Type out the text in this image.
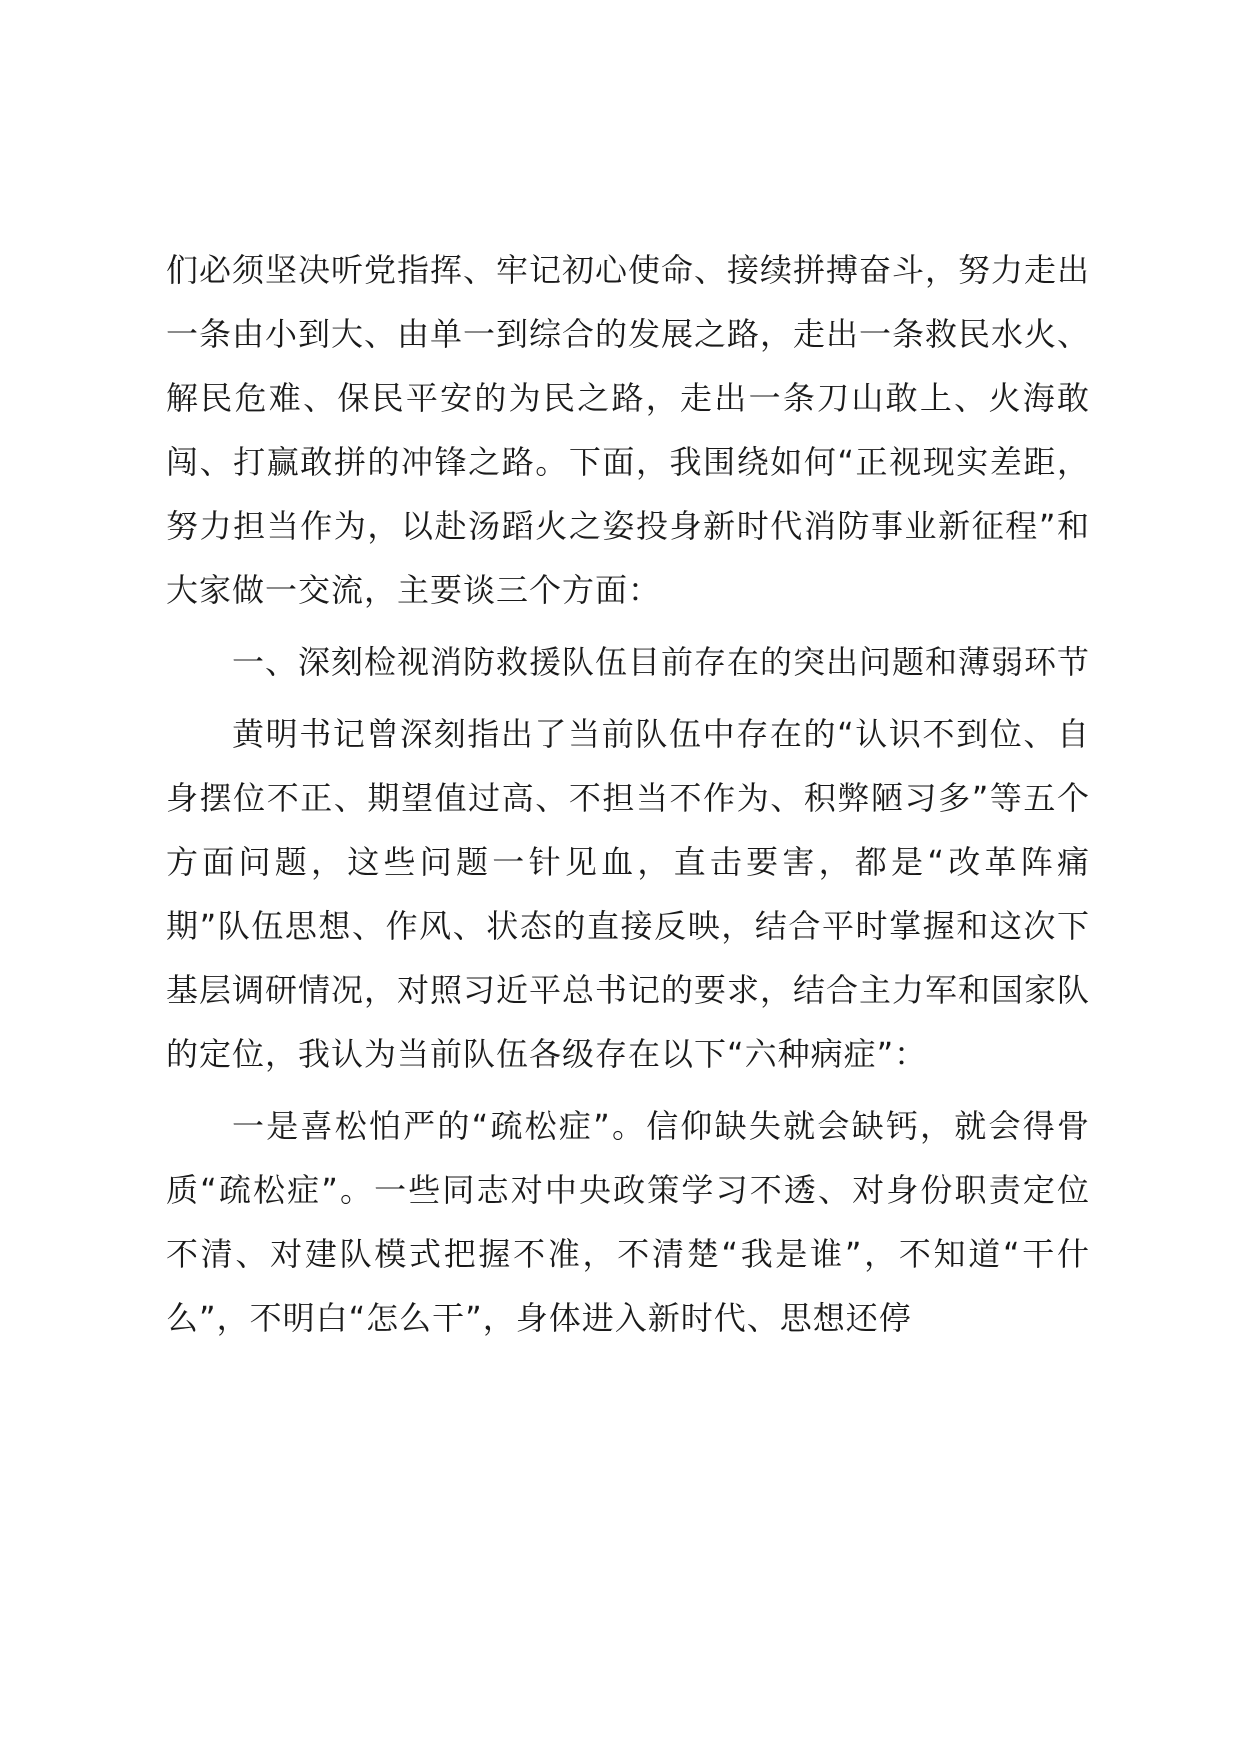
们必须坚决听党指挥、牢记初心使命、接续拼搏奋斗，努力走出一条由小到大、由单一到综合的发展之路，走出一条救民水火、解民危难、保民平安的为民之路，走出一条刀山敢上、火海敢闯、打赢敢拼的冲锋之路。下面，我围绕如何“正视现实差距，努力担当作为，以赴汤蹈火之姿投身新时代消防事业新征程”和大家做一交流，主要谈三个方面：

一、深刻检视消防救援队伍目前存在的突出问题和薄弱环节

黄明书记曾深刻指出了当前队伍中存在的“认识不到位、自身摆位不正、期望值过高、不担当不作为、积弊陋习多”等五个方面问题，这些问题一针见血，直击要害，都是“改革阵痛期”队伍思想、作风、状态的直接反映，结合平时掌握和这次下基层调研情况，对照习近平总书记的要求，结合主力军和国家队的定位，我认为当前队伍各级存在以下“六种病症”：

一是喜松怕严的“疏松症”。信仰缺失就会缺钙，就会得骨质“疏松症”。一些同志对中央政策学习不透、对身份职责定位不清、对建队模式把握不准，不清楚“我是谁”，不知道“干什么”，不明白“怎么干”，身体进入新时代、思想还停
